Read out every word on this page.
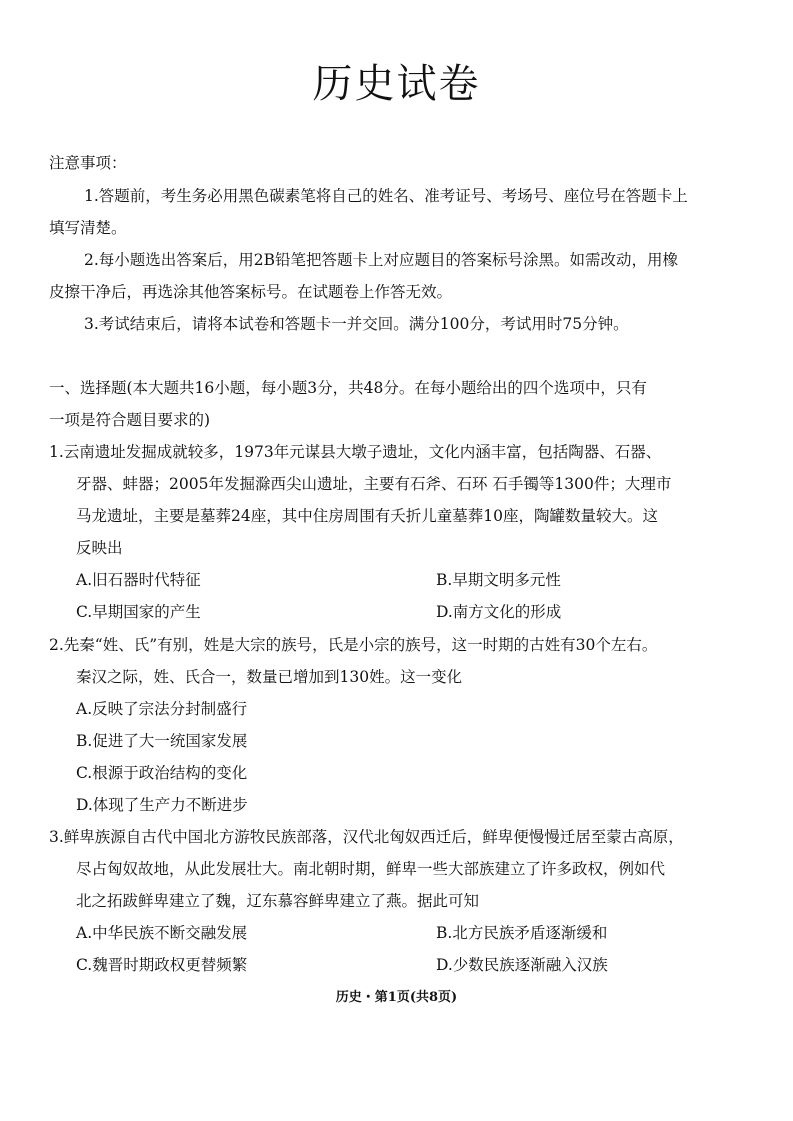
历史试卷
注意事项：
1.答题前，考生务必用黑色碳素笔将自己的姓名、准考证号、考场号、座位号在答题卡上
填写清楚。
2.每小题选出答案后，用2B铅笔把答题卡上对应题目的答案标号涂黑。如需改动，用橡
皮擦干净后，再选涂其他答案标号。在试题卷上作答无效。
3.考试结束后，请将本试卷和答题卡一并交回。满分100分，考试用时75分钟。
一、选择题(本大题共16小题，每小题3分，共48分。在每小题给出的四个选项中，只有
一项是符合题目要求的)
1.云南遗址发掘成就较多，1973年元谋县大墩子遗址，文化内涵丰富，包括陶器、石器、
牙器、蚌器；2005年发掘滁西尖山遗址，主要有石斧、石环 石手镯等1300件；大理市
马龙遗址，主要是墓葬24座，其中住房周围有夭折儿童墓葬10座，陶罐数量较大。这
反映出
A.旧石器时代特征	B.早期文明多元性
C.早期国家的产生	D.南方文化的形成
2.先秦“姓、氏”有别，姓是大宗的族号，氏是小宗的族号，这一时期的古姓有30个左右。
秦汉之际，姓、氏合一，数量已增加到130姓。这一变化
A.反映了宗法分封制盛行
B.促进了大一统国家发展
C.根源于政治结构的变化
D.体现了生产力不断进步
3.鲜卑族源自古代中国北方游牧民族部落，汉代北匈奴西迁后，鲜卑便慢慢迁居至蒙古高原，
尽占匈奴故地，从此发展壮大。南北朝时期，鲜卑一些大部族建立了许多政权，例如代
北之拓跋鲜卑建立了魏，辽东慕容鲜卑建立了燕。据此可知
A.中华民族不断交融发展	B.北方民族矛盾逐渐缓和
C.魏晋时期政权更替频繁	D.少数民族逐渐融入汉族
历史・第1页(共8页)
